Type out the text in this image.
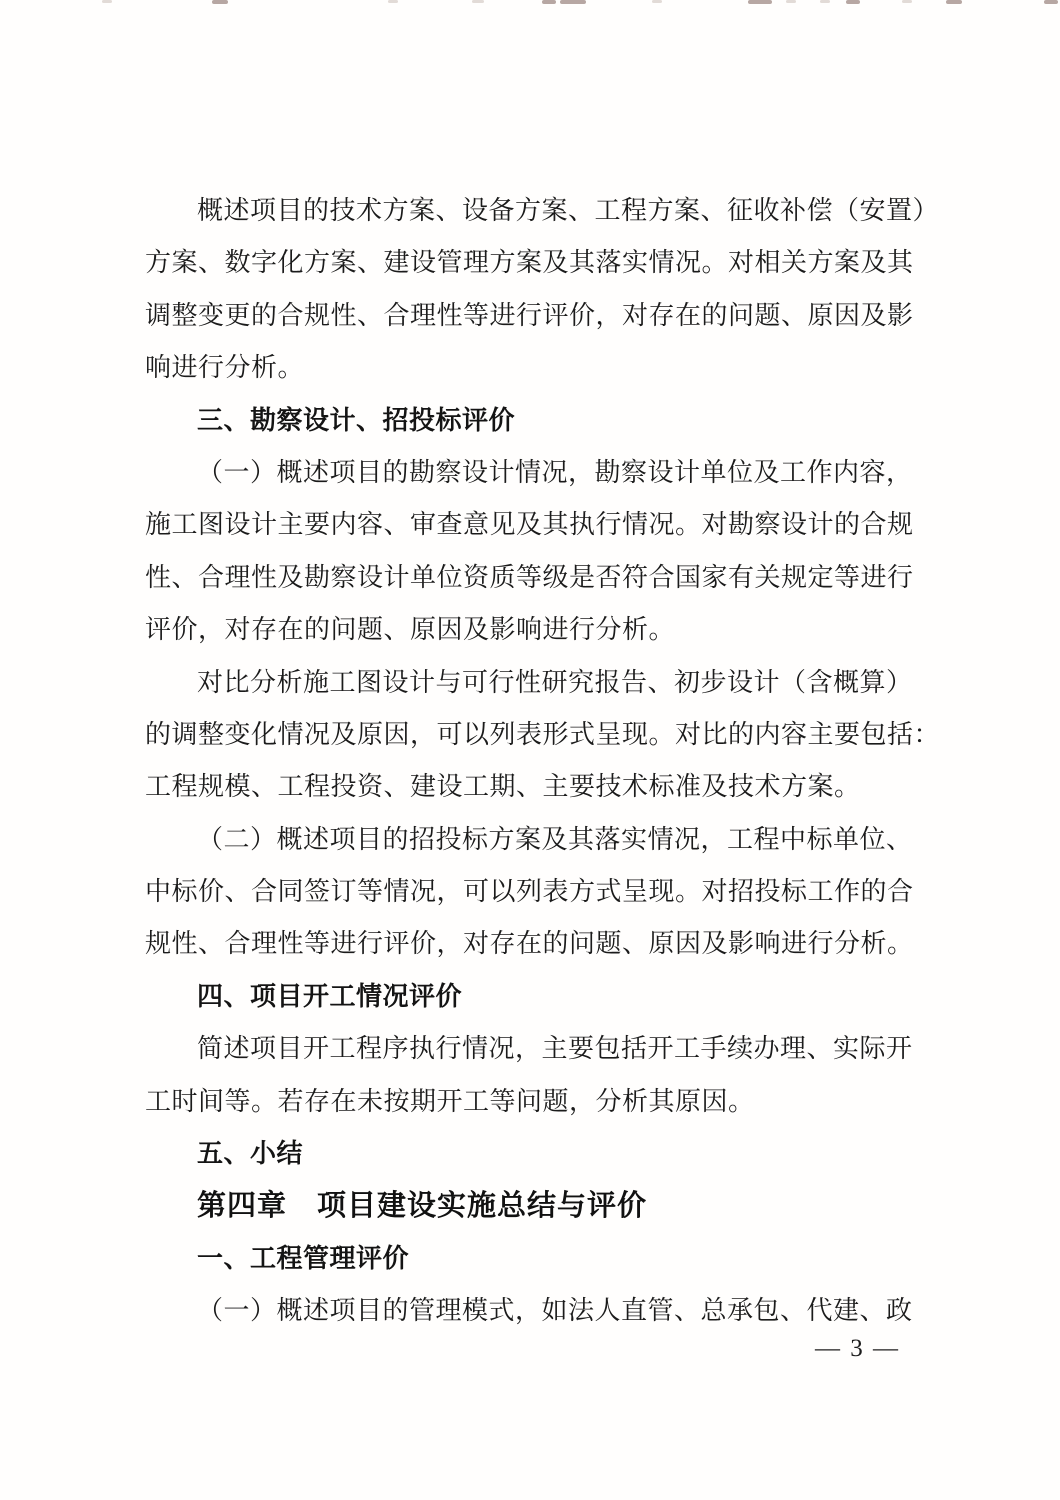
概述项目的技术方案、设备方案、工程方案、征收补偿（安置）
方案、数字化方案、建设管理方案及其落实情况。对相关方案及其
调整变更的合规性、合理性等进行评价，对存在的问题、原因及影
响进行分析。
三、勘察设计、招投标评价
（一）概述项目的勘察设计情况，勘察设计单位及工作内容，
施工图设计主要内容、审查意见及其执行情况。对勘察设计的合规
性、合理性及勘察设计单位资质等级是否符合国家有关规定等进行
评价，对存在的问题、原因及影响进行分析。
对比分析施工图设计与可行性研究报告、初步设计（含概算）
的调整变化情况及原因，可以列表形式呈现。对比的内容主要包括：
工程规模、工程投资、建设工期、主要技术标准及技术方案。
（二）概述项目的招投标方案及其落实情况，工程中标单位、
中标价、合同签订等情况，可以列表方式呈现。对招投标工作的合
规性、合理性等进行评价，对存在的问题、原因及影响进行分析。
四、项目开工情况评价
简述项目开工程序执行情况，主要包括开工手续办理、实际开
工时间等。若存在未按期开工等问题，分析其原因。
五、小结
第四章　项目建设实施总结与评价
一、工程管理评价
（一）概述项目的管理模式，如法人直管、总承包、代建、政
— 3 —
